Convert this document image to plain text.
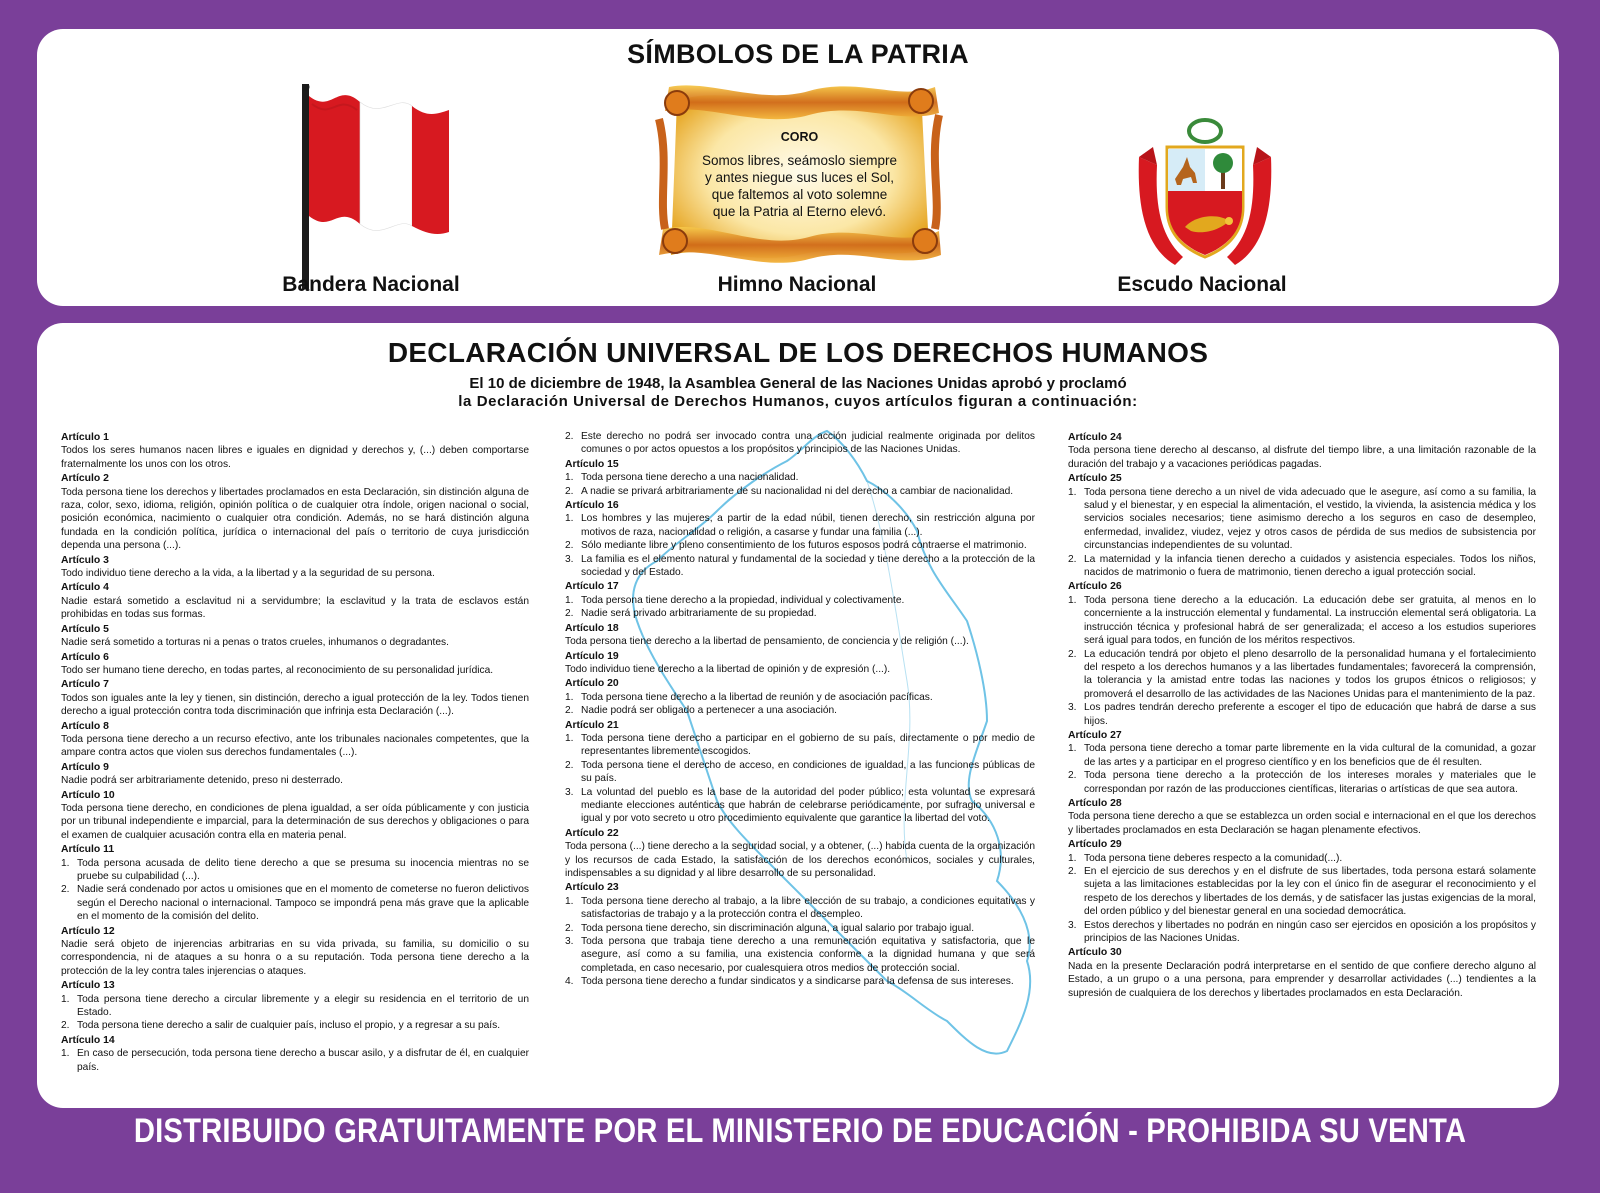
SÍMBOLOS DE LA PATRIA
CORO
Somos libres, seámoslo siempre
y antes niegue sus luces el Sol,
que faltemos al voto solemne
que la Patria al Eterno elevó.
Bandera Nacional	Himno Nacional	Escudo Nacional
DECLARACIÓN UNIVERSAL DE LOS DERECHOS HUMANOS
El 10 de diciembre de 1948, la Asamblea General de las Naciones Unidas aprobó y proclamó
la Declaración Universal de Derechos Humanos, cuyos artículos figuran a continuación:
Artículo 1
Todos los seres humanos nacen libres e iguales en dignidad y derechos y, (...) deben comportarse fraternalmente los unos con los otros.
Artículo 2
Toda persona tiene los derechos y libertades proclamados en esta Declaración, sin distinción alguna de raza, color, sexo, idioma, religión, opinión política o de cualquier otra índole, origen nacional o social, posición económica, nacimiento o cualquier otra condición. Además, no se hará distinción alguna fundada en la condición política, jurídica o internacional del país o territorio de cuya jurisdicción dependa una persona (...).
Artículo 3
Todo individuo tiene derecho a la vida, a la libertad y a la seguridad de su persona.
Artículo 4
Nadie estará sometido a esclavitud ni a servidumbre; la esclavitud y la trata de esclavos están prohibidas en todas sus formas.
Artículo 5
Nadie será sometido a torturas ni a penas o tratos crueles, inhumanos o degradantes.
Artículo 6
Todo ser humano tiene derecho, en todas partes, al reconocimiento de su personalidad jurídica.
Artículo 7
Todos son iguales ante la ley y tienen, sin distinción, derecho a igual protección de la ley. Todos tienen derecho a igual protección contra toda discriminación que infrinja esta Declaración (...).
Artículo 8
Toda persona tiene derecho a un recurso efectivo, ante los tribunales nacionales competentes, que la ampare contra actos que violen sus derechos fundamentales (...).
Artículo 9
Nadie podrá ser arbitrariamente detenido, preso ni desterrado.
Artículo 10
Toda persona tiene derecho, en condiciones de plena igualdad, a ser oída públicamente y con justicia por un tribunal independiente e imparcial, para la determinación de sus derechos y obligaciones o para el examen de cualquier acusación contra ella en materia penal.
Artículo 11
1. Toda persona acusada de delito tiene derecho a que se presuma su inocencia mientras no se pruebe su culpabilidad (...).
2. Nadie será condenado por actos u omisiones que en el momento de cometerse no fueron delictivos según el Derecho nacional o internacional. Tampoco se impondrá pena más grave que la aplicable en el momento de la comisión del delito.
Artículo 12
Nadie será objeto de injerencias arbitrarias en su vida privada, su familia, su domicilio o su correspondencia, ni de ataques a su honra o a su reputación. Toda persona tiene derecho a la protección de la ley contra tales injerencias o ataques.
Artículo 13
1. Toda persona tiene derecho a circular libremente y a elegir su residencia en el territorio de un Estado.
2. Toda persona tiene derecho a salir de cualquier país, incluso el propio, y a regresar a su país.
Artículo 14
1. En caso de persecución, toda persona tiene derecho a buscar asilo, y a disfrutar de él, en cualquier país.
2. Este derecho no podrá ser invocado contra una acción judicial realmente originada por delitos comunes o por actos opuestos a los propósitos y principios de las Naciones Unidas.
Artículo 15
1. Toda persona tiene derecho a una nacionalidad.
2. A nadie se privará arbitrariamente de su nacionalidad ni del derecho a cambiar de nacionalidad.
Artículo 16
1. Los hombres y las mujeres, a partir de la edad núbil, tienen derecho, sin restricción alguna por motivos de raza, nacionalidad o religión, a casarse y fundar una familia (...).
2. Sólo mediante libre y pleno consentimiento de los futuros esposos podrá contraerse el matrimonio.
3. La familia es el elemento natural y fundamental de la sociedad y tiene derecho a la protección de la sociedad y del Estado.
Artículo 17
1. Toda persona tiene derecho a la propiedad, individual y colectivamente.
2. Nadie será privado arbitrariamente de su propiedad.
Artículo 18
Toda persona tiene derecho a la libertad de pensamiento, de conciencia y de religión (...).
Artículo 19
Todo individuo tiene derecho a la libertad de opinión y de expresión (...).
Artículo 20
1. Toda persona tiene derecho a la libertad de reunión y de asociación pacíficas.
2. Nadie podrá ser obligado a pertenecer a una asociación.
Artículo 21
1. Toda persona tiene derecho a participar en el gobierno de su país, directamente o por medio de representantes libremente escogidos.
2. Toda persona tiene el derecho de acceso, en condiciones de igualdad, a las funciones públicas de su país.
3. La voluntad del pueblo es la base de la autoridad del poder público; esta voluntad se expresará mediante elecciones auténticas que habrán de celebrarse periódicamente, por sufragio universal e igual y por voto secreto u otro procedimiento equivalente que garantice la libertad del voto.
Artículo 22
Toda persona (...) tiene derecho a la seguridad social, y a obtener, (...) habida cuenta de la organización y los recursos de cada Estado, la satisfacción de los derechos económicos, sociales y culturales, indispensables a su dignidad y al libre desarrollo de su personalidad.
Artículo 23
1. Toda persona tiene derecho al trabajo, a la libre elección de su trabajo, a condiciones equitativas y satisfactorias de trabajo y a la protección contra el desempleo.
2. Toda persona tiene derecho, sin discriminación alguna, a igual salario por trabajo igual.
3. Toda persona que trabaja tiene derecho a una remuneración equitativa y satisfactoria, que le asegure, así como a su familia, una existencia conforme a la dignidad humana y que será completada, en caso necesario, por cualesquiera otros medios de protección social.
4. Toda persona tiene derecho a fundar sindicatos y a sindicarse para la defensa de sus intereses.
Artículo 24
Toda persona tiene derecho al descanso, al disfrute del tiempo libre, a una limitación razonable de la duración del trabajo y a vacaciones periódicas pagadas.
Artículo 25
1. Toda persona tiene derecho a un nivel de vida adecuado que le asegure, así como a su familia, la salud y el bienestar, y en especial la alimentación, el vestido, la vivienda, la asistencia médica y los servicios sociales necesarios; tiene asimismo derecho a los seguros en caso de desempleo, enfermedad, invalidez, viudez, vejez y otros casos de pérdida de sus medios de subsistencia por circunstancias independientes de su voluntad.
2. La maternidad y la infancia tienen derecho a cuidados y asistencia especiales. Todos los niños, nacidos de matrimonio o fuera de matrimonio, tienen derecho a igual protección social.
Artículo 26
1. Toda persona tiene derecho a la educación. La educación debe ser gratuita, al menos en lo concerniente a la instrucción elemental y fundamental. La instrucción elemental será obligatoria. La instrucción técnica y profesional habrá de ser generalizada; el acceso a los estudios superiores será igual para todos, en función de los méritos respectivos.
2. La educación tendrá por objeto el pleno desarrollo de la personalidad humana y el fortalecimiento del respeto a los derechos humanos y a las libertades fundamentales; favorecerá la comprensión, la tolerancia y la amistad entre todas las naciones y todos los grupos étnicos o religiosos; y promoverá el desarrollo de las actividades de las Naciones Unidas para el mantenimiento de la paz.
3. Los padres tendrán derecho preferente a escoger el tipo de educación que habrá de darse a sus hijos.
Artículo 27
1. Toda persona tiene derecho a tomar parte libremente en la vida cultural de la comunidad, a gozar de las artes y a participar en el progreso científico y en los beneficios que de él resulten.
2. Toda persona tiene derecho a la protección de los intereses morales y materiales que le correspondan por razón de las producciones científicas, literarias o artísticas de que sea autora.
Artículo 28
Toda persona tiene derecho a que se establezca un orden social e internacional en el que los derechos y libertades proclamados en esta Declaración se hagan plenamente efectivos.
Artículo 29
1. Toda persona tiene deberes respecto a la comunidad(...).
2. En el ejercicio de sus derechos y en el disfrute de sus libertades, toda persona estará solamente sujeta a las limitaciones establecidas por la ley con el único fin de asegurar el reconocimiento y el respeto de los derechos y libertades de los demás, y de satisfacer las justas exigencias de la moral, del orden público y del bienestar general en una sociedad democrática.
3. Estos derechos y libertades no podrán en ningún caso ser ejercidos en oposición a los propósitos y principios de las Naciones Unidas.
Artículo 30
Nada en la presente Declaración podrá interpretarse en el sentido de que confiere derecho alguno al Estado, a un grupo o a una persona, para emprender y desarrollar actividades (...) tendientes a la supresión de cualquiera de los derechos y libertades proclamados en esta Declaración.
DISTRIBUIDO GRATUITAMENTE POR EL MINISTERIO DE EDUCACIÓN - PROHIBIDA SU VENTA
